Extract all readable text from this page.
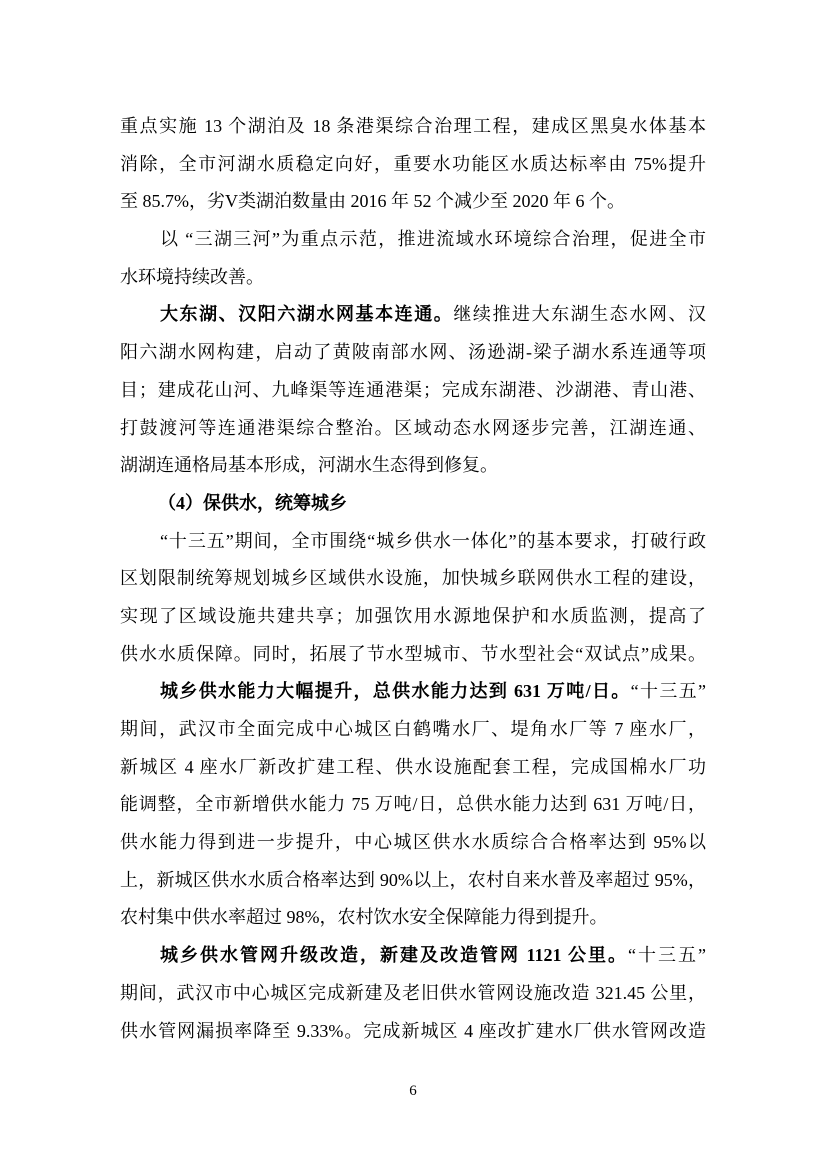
重点实施 13 个湖泊及 18 条港渠综合治理工程，建成区黑臭水体基本
消除，全市河湖水质稳定向好，重要水功能区水质达标率由 75%提升
至 85.7%，劣V类湖泊数量由 2016 年 52 个减少至 2020 年 6 个。
以 “三湖三河”为重点示范，推进流域水环境综合治理，促进全市
水环境持续改善。
大东湖、汉阳六湖水网基本连通。继续推进大东湖生态水网、汉
阳六湖水网构建，启动了黄陂南部水网、汤逊湖-梁子湖水系连通等项
目；建成花山河、九峰渠等连通港渠；完成东湖港、沙湖港、青山港、
打鼓渡河等连通港渠综合整治。区域动态水网逐步完善，江湖连通、
湖湖连通格局基本形成，河湖水生态得到修复。
（4）保供水，统筹城乡
“十三五”期间，全市围绕“城乡供水一体化”的基本要求，打破行政
区划限制统筹规划城乡区域供水设施，加快城乡联网供水工程的建设，
实现了区域设施共建共享；加强饮用水源地保护和水质监测，提高了
供水水质保障。同时，拓展了节水型城市、节水型社会“双试点”成果。
城乡供水能力大幅提升，总供水能力达到 631 万吨/日。“十三五”
期间，武汉市全面完成中心城区白鹤嘴水厂、堤角水厂等 7 座水厂，
新城区 4 座水厂新改扩建工程、供水设施配套工程，完成国棉水厂功
能调整，全市新增供水能力 75 万吨/日，总供水能力达到 631 万吨/日，
供水能力得到进一步提升，中心城区供水水质综合合格率达到 95%以
上，新城区供水水质合格率达到 90%以上，农村自来水普及率超过 95%，
农村集中供水率超过 98%，农村饮水安全保障能力得到提升。
城乡供水管网升级改造，新建及改造管网 1121 公里。“十三五”
期间，武汉市中心城区完成新建及老旧供水管网设施改造 321.45 公里，
供水管网漏损率降至 9.33%。完成新城区 4 座改扩建水厂供水管网改造
6
